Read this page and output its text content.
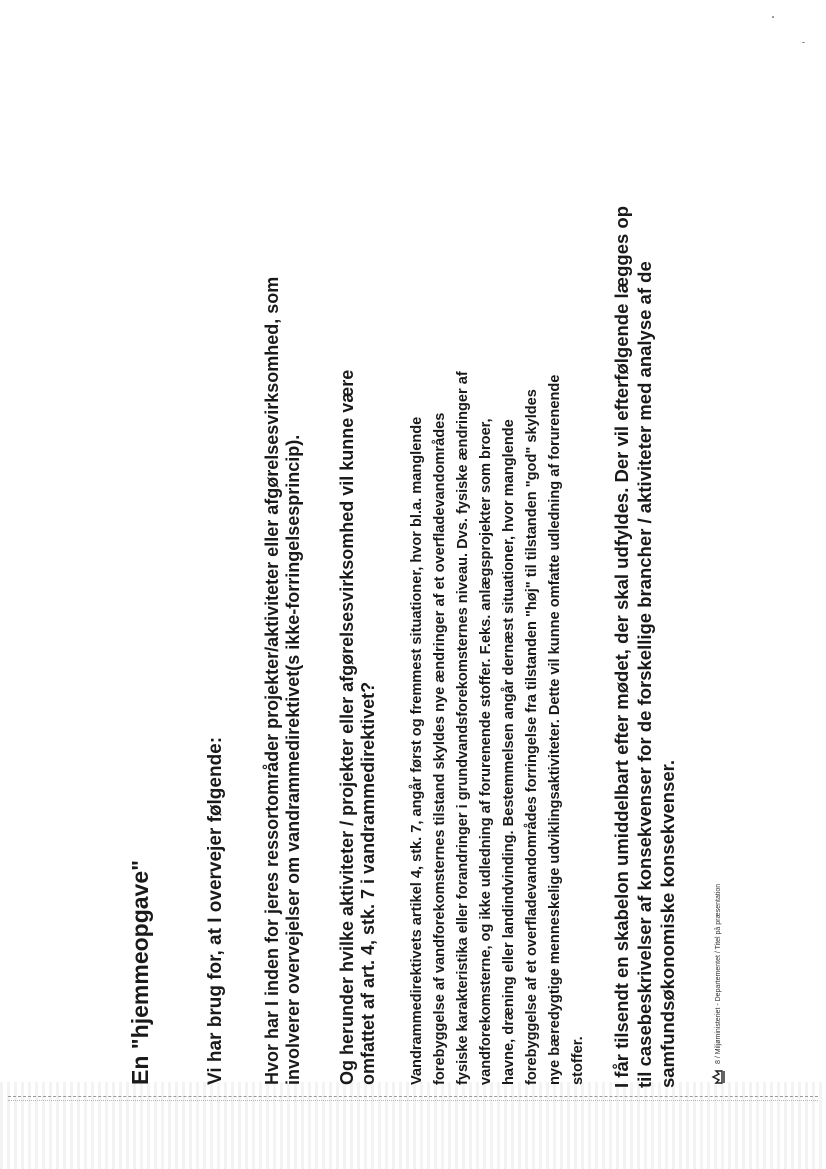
En "hjemmeopgave"	Vi har brug for, at I overvejer følgende: Hvor har I inden for jeres ressortområder projekter/aktiviteter eller afgørelsesvirksomhed, som involverer overvejelser om vandrammedirektivet(s ikke-forringelsesprincip). Og herunder hvilke aktiviteter / projekter eller afgørelsesvirksomhed vil kunne være omfattet af art. 4, stk. 7 i vandrammedirektivet? Vandrammedirektivets artikel 4, stk. 7, angår først og fremmest situationer, hvor bl.a. manglende forebyggelse af vandforekomsternes tilstand skyldes nye ændringer af et overfladevandområdes fysiske karakteristika eller forandringer i grundvandsforekomsternes niveau. Dvs. fysiske ændringer af vandforekomsterne, og ikke udledning af forurenende stoffer. F.eks. anlægsprojekter som broer, havne, dræning eller landindvinding. Bestemmelsen angår dernæst situationer, hvor manglende forebyggelse af et overfladevandområdes forringelse fra tilstanden "høj" til tilstanden "god" skyldes nye bæredygtige menneskelige udviklingsaktiviteter. Dette vil kunne omfatte udledning af forurenende stoffer. I får tilsendt en skabelon umiddelbart efter mødet, der skal udfyldes. Der vil efterfølgende lægges op til casebeskrivelser af konsekvenser for de forskellige brancher / aktiviteter med analyse af de samfundsøkonomiske konsekvenser.	8 / Miljøministeriet - Departementet / Titel på præsentation
